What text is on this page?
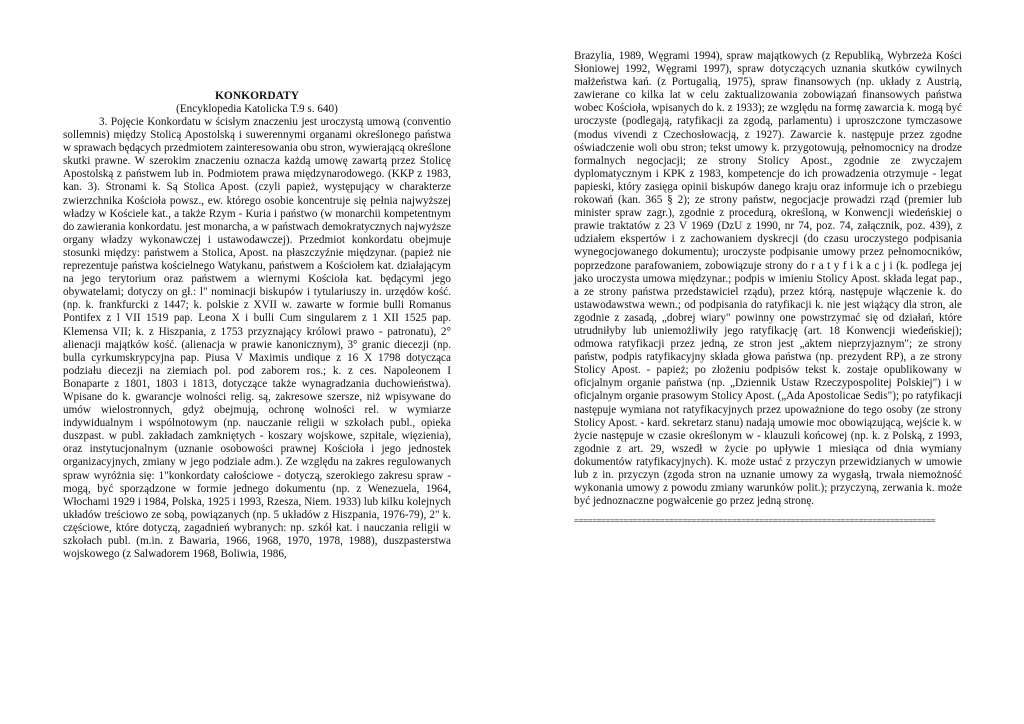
KONKORDATY

(Encyklopedia Katolicka T.9 s. 640)

3. Pojęcie Konkordatu w ścisłym znaczeniu jest uroczystą umową (conventio sollemnis) między Stolicą Apostolską i suwerennymi organami określonego państwa w sprawach będących przedmiotem zainteresowania obu stron, wywierającą określone skutki prawne. W szerokim znaczeniu oznacza każdą umowę zawartą przez Stolicę Apostolską z państwem lub in. Podmiotem prawa międzynarodowego. (KKP z 1983, kan. 3). Stronami k. Są Stolica Apost. (czyli papież, występujący w charakterze zwierzchnika Kościoła powsz., ew. którego osobie koncentruje się pełnia najwyższej władzy w Kościele kat., a także Rzym - Kuria i państwo (w monarchii kompetentnym do zawierania konkordatu. jest monarcha, a w państwach demokratycznych najwyższe organy władzy wykonawczej i ustawodawczej). Przedmiot konkordatu obejmuje stosunki między: państwem a Stolica, Apost. na płaszczyźnie międzynar. (papież nie reprezentuje państwa kościelnego Watykanu, państwem a Kościołem kat. działającym na jego terytorium oraz państwem a wiernymi Kościoła kat. będącymi jego obywatelami; dotyczy on gł.: l" nominacji biskupów i tytulariuszy in. urzędów kość. (np. k. frankfurcki z 1447; k. polskie z XVII w. zawarte w formie bulli Romanus Pontifex z l VII 1519 pap. Leona X i bulli Cum singularem z 1 XII 1525 pap. Klemensa VII; k. z Hiszpania, z 1753 przyznający królowi prawo - patronatu), 2° alienacji majątków kość. (alienacja w prawie kanonicznym), 3° granic diecezji (np. bulla cyrkumskrypcyjna pap. Piusa V Maximis undique z 16 X 1798 dotycząca podziału diecezji na ziemiach pol. pod zaborem ros.; k. z ces. Napoleonem I Bonaparte z 1801, 1803 i 1813, dotyczące także wynagradzania duchowieństwa). Wpisane do k. gwarancje wolności relig. są, zakresowe szersze, niż wpisywane do umów wielostronnych, gdyż obejmują, ochronę wolności rel. w wymiarze indywidualnym i wspólnotowym (np. nauczanie religii w szkołach publ., opieka duszpast. w publ. zakładach zamkniętych - koszary wojskowe, szpitale, więzienia), oraz instytucjonalnym (uznanie osobowości prawnej Kościoła i jego jednostek organizacyjnych, zmiany w jego podziale adm.). Ze względu na zakres regulowanych spraw wyróżnia się: 1"konkordaty całościowe - dotyczą, szerokiego zakresu spraw - mogą, być sporządzone w formie jednego dokumentu (np. z Wenezuela, 1964, Włochami 1929 i 1984, Polska, 1925 i 1993, Rzesza, Niem. 1933) lub kilku kolejnych układów treściowo ze sobą, powiązanych (np. 5 układów z Hiszpania, 1976-79), 2" k. częściowe, które dotyczą, zagadnień wybranych: np. szkół kat. i nauczania religii w szkołach publ. (m.in. z Bawaria, 1966, 1968, 1970, 1978, 1988), duszpasterstwa wojskowego (z Salwadorem 1968, Boliwia, 1986,

Brazylia, 1989, Węgrami 1994), spraw majątkowych (z Republiką, Wybrzeża Kości Słoniowej 1992, Węgrami 1997), spraw dotyczących uznania skutków cywilnych małżeństwa kań. (z Portugalią, 1975), spraw finansowych (np. układy z Austrią, zawierane co kilka lat w celu zaktualizowania zobowiązań finansowych państwa wobec Kościoła, wpisanych do k. z 1933); ze względu na formę zawarcia k. mogą być uroczyste (podlegają, ratyfikacji za zgodą, parlamentu) i uproszczone tymczasowe (modus vivendi z Czechosłowacją, z 1927). Zawarcie k. następuje przez zgodne oświadczenie woli obu stron; tekst umowy k. przygotowują, pełnomocnicy na drodze formalnych negocjacji; ze strony Stolicy Apost., zgodnie ze zwyczajem dyplomatycznym i KPK z 1983, kompetencje do ich prowadzenia otrzymuje - legat papieski, który zasięga opinii biskupów danego kraju oraz informuje ich o przebiegu rokowań (kan. 365 § 2); ze strony państw, negocjacje prowadzi rząd (premier lub minister spraw zagr.), zgodnie z procedurą, określoną, w Konwencji wiedeńskiej o prawie traktatów z 23 V 1969 (DzU z 1990, nr 74, poz. 74, załącznik, poz. 439), z udziałem ekspertów i z zachowaniem dyskrecji (do czasu uroczystego podpisania wynegocjowanego dokumentu); uroczyste podpisanie umowy przez pełnomocników, poprzedzone parafowaniem, zobowiązuje strony do r a t y f i k a c j i (k. podlega jej jako uroczysta umowa międzynar.; podpis w imieniu Stolicy Apost. składa legat pap., a ze strony państwa przedstawiciel rządu), przez którą, następuje włączenie k. do ustawodawstwa wewn.; od podpisania do ratyfikacji k. nie jest wiążący dla stron, ale zgodnie z zasadą, „dobrej wiary" powinny one powstrzymać się od działań, które utrudniłyby lub uniemożliwiły jego ratyfikację (art. 18 Konwencji wiedeńskiej); odmowa ratyfikacji przez jedną, ze stron jest „aktem nieprzyjaznym"; ze strony państw, podpis ratyfikacyjny składa głowa państwa (np. prezydent RP), a ze strony Stolicy Apost. - papież; po złożeniu podpisów tekst k. zostaje opublikowany w oficjalnym organie państwa (np. „Dziennik Ustaw Rzeczypospolitej Polskiej") i w oficjalnym organie prasowym Stolicy Apost. („Ada Apostolicae Sedis"); po ratyfikacji następuje wymiana not ratyfikacyjnych przez upoważnione do tego osoby (ze strony Stolicy Apost. - kard. sekretarz stanu) nadają umowie moc obowiązującą, wejście k. w życie następuje w czasie określonym w - klauzuli końcowej (np. k. z Polską, z 1993, zgodnie z art. 29, wszedł w życie po upływie 1 miesiąca od dnia wymiany dokumentów ratyfikacyjnych). K. może ustać z przyczyn przewidzianych w umowie lub z in. przyczyn (zgoda stron na uznanie umowy za wygasłą, trwała niemożność wykonania umowy z powodu zmiany warunków polit.); przyczyną, zerwania k. może być jednoznaczne pogwałcenie go przez jedną stronę.

================================================================================
